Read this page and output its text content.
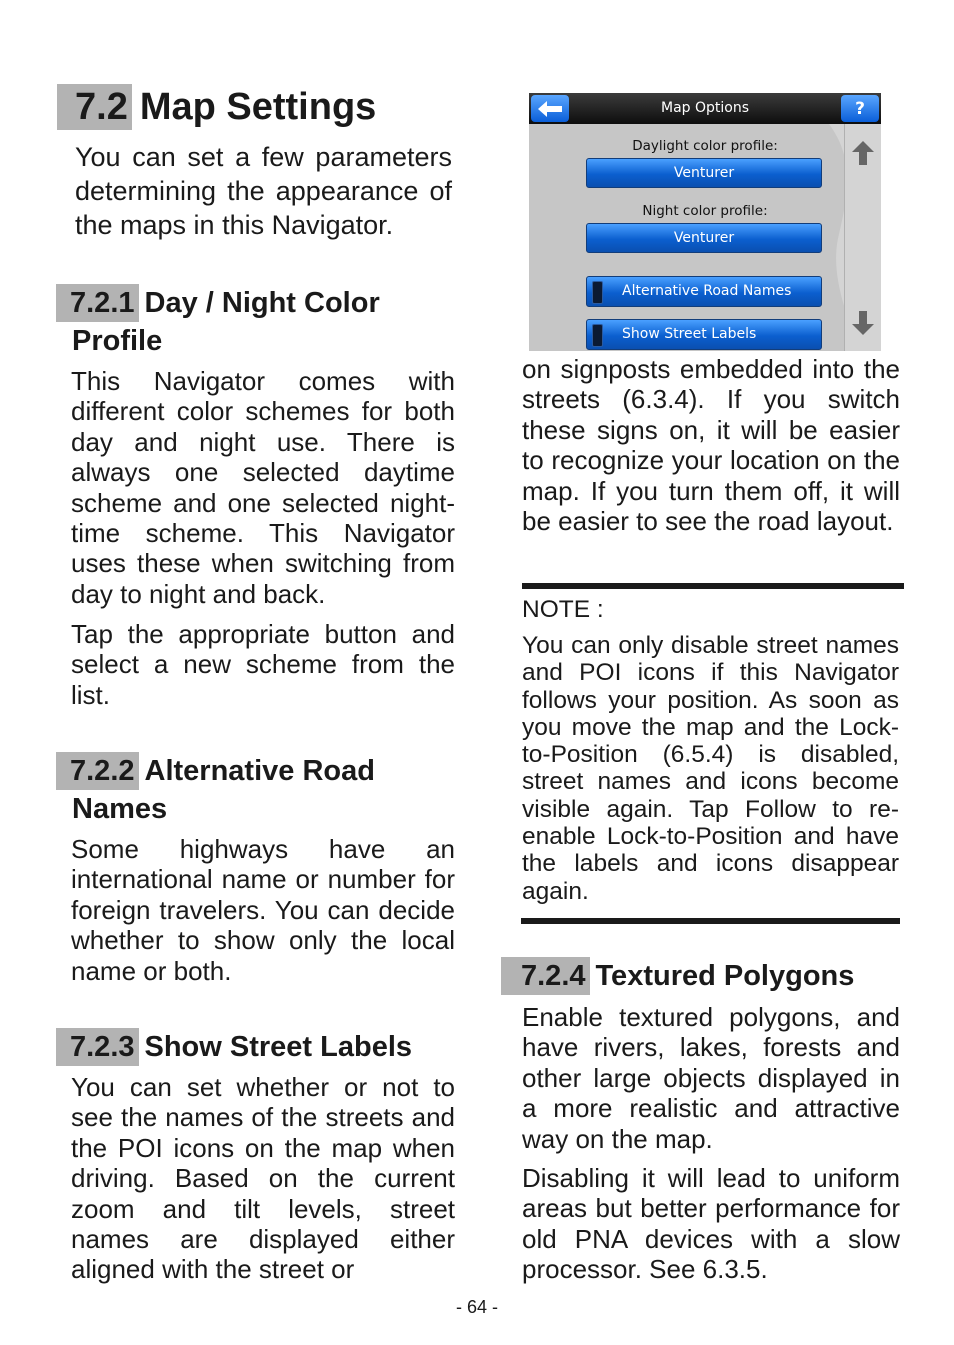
7.2 Map Settings
You can set a few parameters determining the appearance of the maps in this Navigator.
7.2.1 Day / Night Color
Profile
This Navigator comes with different color schemes for both day and night use. There is always one selected daytime scheme and one selected night-time scheme. This Navigator uses these when switching from day to night and back.
Tap the appropriate button and select a new scheme from the list.
7.2.2 Alternative Road
Names
Some highways have an international name or number for foreign travelers. You can decide whether to show only the local name or both.
7.2.3 Show Street Labels
You can set whether or not to see the names of the streets and the POI icons on the map when driving. Based on the current zoom and tilt levels, street names are displayed either aligned with the street or
Map Options	?
Daylight color profile:
Venturer
Night color profile:
Venturer
Alternative Road Names
Show Street Labels
on signposts embedded into the streets (6.3.4). If you switch these signs on, it will be easier to recognize your location on the map. If you turn them off, it will be easier to see the road layout.
NOTE :
You can only disable street names and POI icons if this Navigator follows your position. As soon as you move the map and the Lock-to-Position (6.5.4) is disabled, street names and icons become visible again. Tap Follow to re-enable Lock-to-Position and have the labels and icons disappear again.
7.2.4 Textured Polygons
Enable textured polygons, and have rivers, lakes, forests and other large objects displayed in a more realistic and attractive way on the map.
Disabling it will lead to uniform areas but better performance for old PNA devices with a slow processor. See 6.3.5.
- 64 -
